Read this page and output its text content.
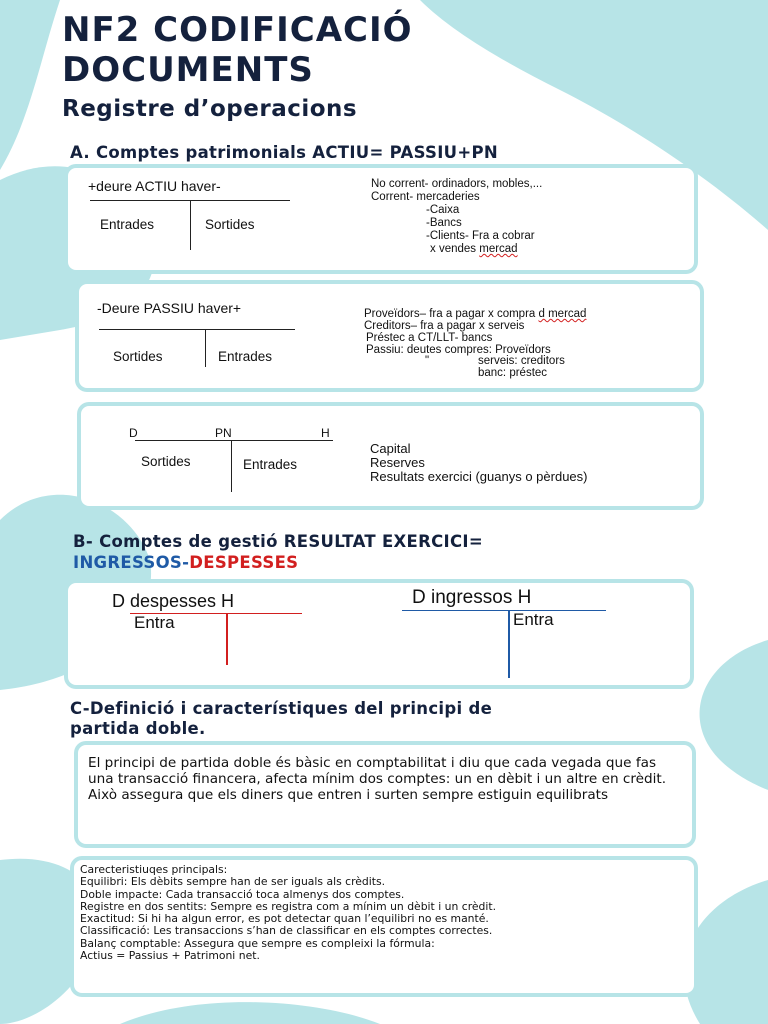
NF2 CODIFICACIÓ
DOCUMENTS
Registre d’operacions
A. Comptes patrimonials ACTIU= PASSIU+PN
+deure ACTIU haver-
Entrades	Sortides
No corrent- ordinadors, mobles,...
Corrent- mercaderies
-Caixa
-Bancs
-Clients- Fra a cobrar
x vendes mercad
-Deure PASSIU haver+
Sortides	Entrades
Proveïdors– fra a pagar x compra d mercad
Creditors– fra a pagar x serveis
Préstec a CT/LLT- bancs
Passiu: deutes compres: Proveïdors
"	serveis: creditors
banc: préstec
D	PN	H
Sortides	Entrades
Capital
Reserves
Resultats exercici (guanys o pèrdues)
B- Comptes de gestió RESULTAT EXERCICI=
INGRESSOS-DESPESSES
D despesses H
Entra
D ingressos H
Entra
C-Definició i característiques del principi de
partida doble.

El principi de partida doble és bàsic en comptabilitat i diu que cada vegada que fas una transacció financera, afecta mínim dos comptes: un en dèbit i un altre en crèdit. Això assegura que els diners que entren i surten sempre estiguin equilibrats

Carecteristiuqes principals:
Equilibri: Els dèbits sempre han de ser iguals als crèdits.
Doble impacte: Cada transacció toca almenys dos comptes.
Registre en dos sentits: Sempre es registra com a mínim un dèbit i un crèdit.
Exactitud: Si hi ha algun error, es pot detectar quan l’equilibri no es manté.
Classificació: Les transaccions s’han de classificar en els comptes correctes.
Balanç comptable: Assegura que sempre es compleixi la fórmula:
Actius = Passius + Patrimoni net.
